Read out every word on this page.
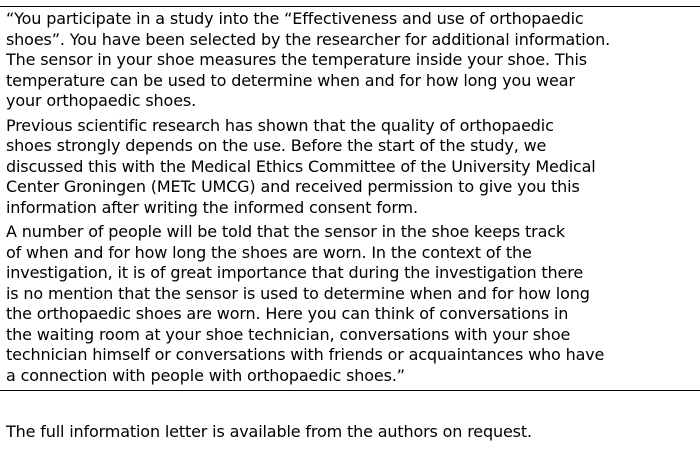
“You participate in a study into the “Effectiveness and use of orthopaedic
shoes”. You have been selected by the researcher for additional information.
The sensor in your shoe measures the temperature inside your shoe. This
temperature can be used to determine when and for how long you wear
your orthopaedic shoes.

Previous scientific research has shown that the quality of orthopaedic
shoes strongly depends on the use. Before the start of the study, we
discussed this with the Medical Ethics Committee of the University Medical
Center Groningen (METc UMCG) and received permission to give you this
information after writing the informed consent form.

A number of people will be told that the sensor in the shoe keeps track
of when and for how long the shoes are worn. In the context of the
investigation, it is of great importance that during the investigation there
is no mention that the sensor is used to determine when and for how long
the orthopaedic shoes are worn. Here you can think of conversations in
the waiting room at your shoe technician, conversations with your shoe
technician himself or conversations with friends or acquaintances who have
a connection with people with orthopaedic shoes.”

The full information letter is available from the authors on request.
